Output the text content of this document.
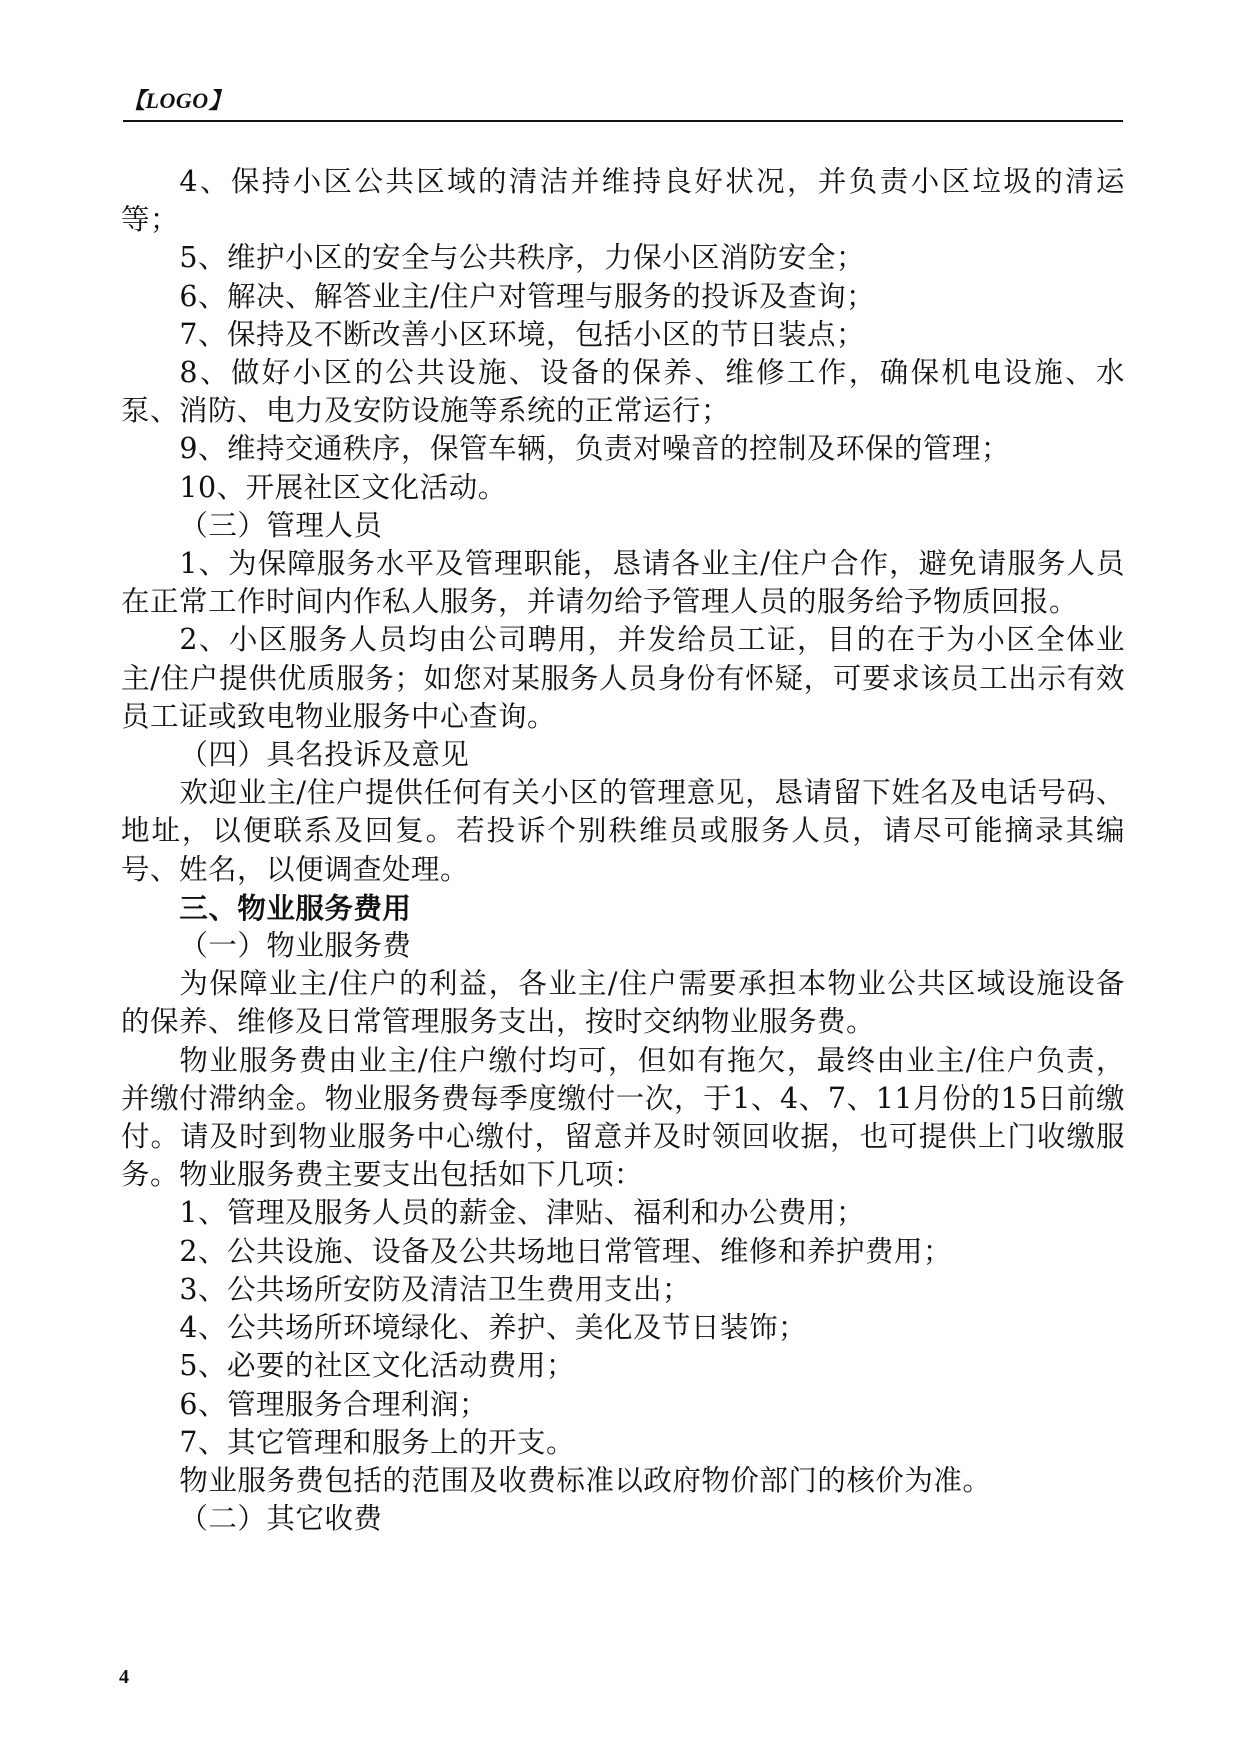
【LOGO】

4、保持小区公共区域的清洁并维持良好状况，并负责小区垃圾的清运等；

5、维护小区的安全与公共秩序，力保小区消防安全；

6、解决、解答业主/住户对管理与服务的投诉及查询；

7、保持及不断改善小区环境，包括小区的节日装点；

8、做好小区的公共设施、设备的保养、维修工作，确保机电设施、水泵、消防、电力及安防设施等系统的正常运行；

9、维持交通秩序，保管车辆，负责对噪音的控制及环保的管理；

10、开展社区文化活动。

（三）管理人员

1、为保障服务水平及管理职能，恳请各业主/住户合作，避免请服务人员在正常工作时间内作私人服务，并请勿给予管理人员的服务给予物质回报。

2、小区服务人员均由公司聘用，并发给员工证，目的在于为小区全体业主/住户提供优质服务；如您对某服务人员身份有怀疑，可要求该员工出示有效员工证或致电物业服务中心查询。

（四）具名投诉及意见

欢迎业主/住户提供任何有关小区的管理意见，恳请留下姓名及电话号码、地址，以便联系及回复。若投诉个别秩维员或服务人员，请尽可能摘录其编号、姓名，以便调查处理。

三、物业服务费用

（一）物业服务费

为保障业主/住户的利益，各业主/住户需要承担本物业公共区域设施设备的保养、维修及日常管理服务支出，按时交纳物业服务费。

物业服务费由业主/住户缴付均可，但如有拖欠，最终由业主/住户负责，并缴付滞纳金。物业服务费每季度缴付一次，于1、4、7、11月份的15日前缴付。请及时到物业服务中心缴付，留意并及时领回收据，也可提供上门收缴服务。物业服务费主要支出包括如下几项：

1、管理及服务人员的薪金、津贴、福利和办公费用；

2、公共设施、设备及公共场地日常管理、维修和养护费用；

3、公共场所安防及清洁卫生费用支出；

4、公共场所环境绿化、养护、美化及节日装饰；

5、必要的社区文化活动费用；

6、管理服务合理利润；

7、其它管理和服务上的开支。

物业服务费包括的范围及收费标准以政府物价部门的核价为准。

（二）其它收费

4
